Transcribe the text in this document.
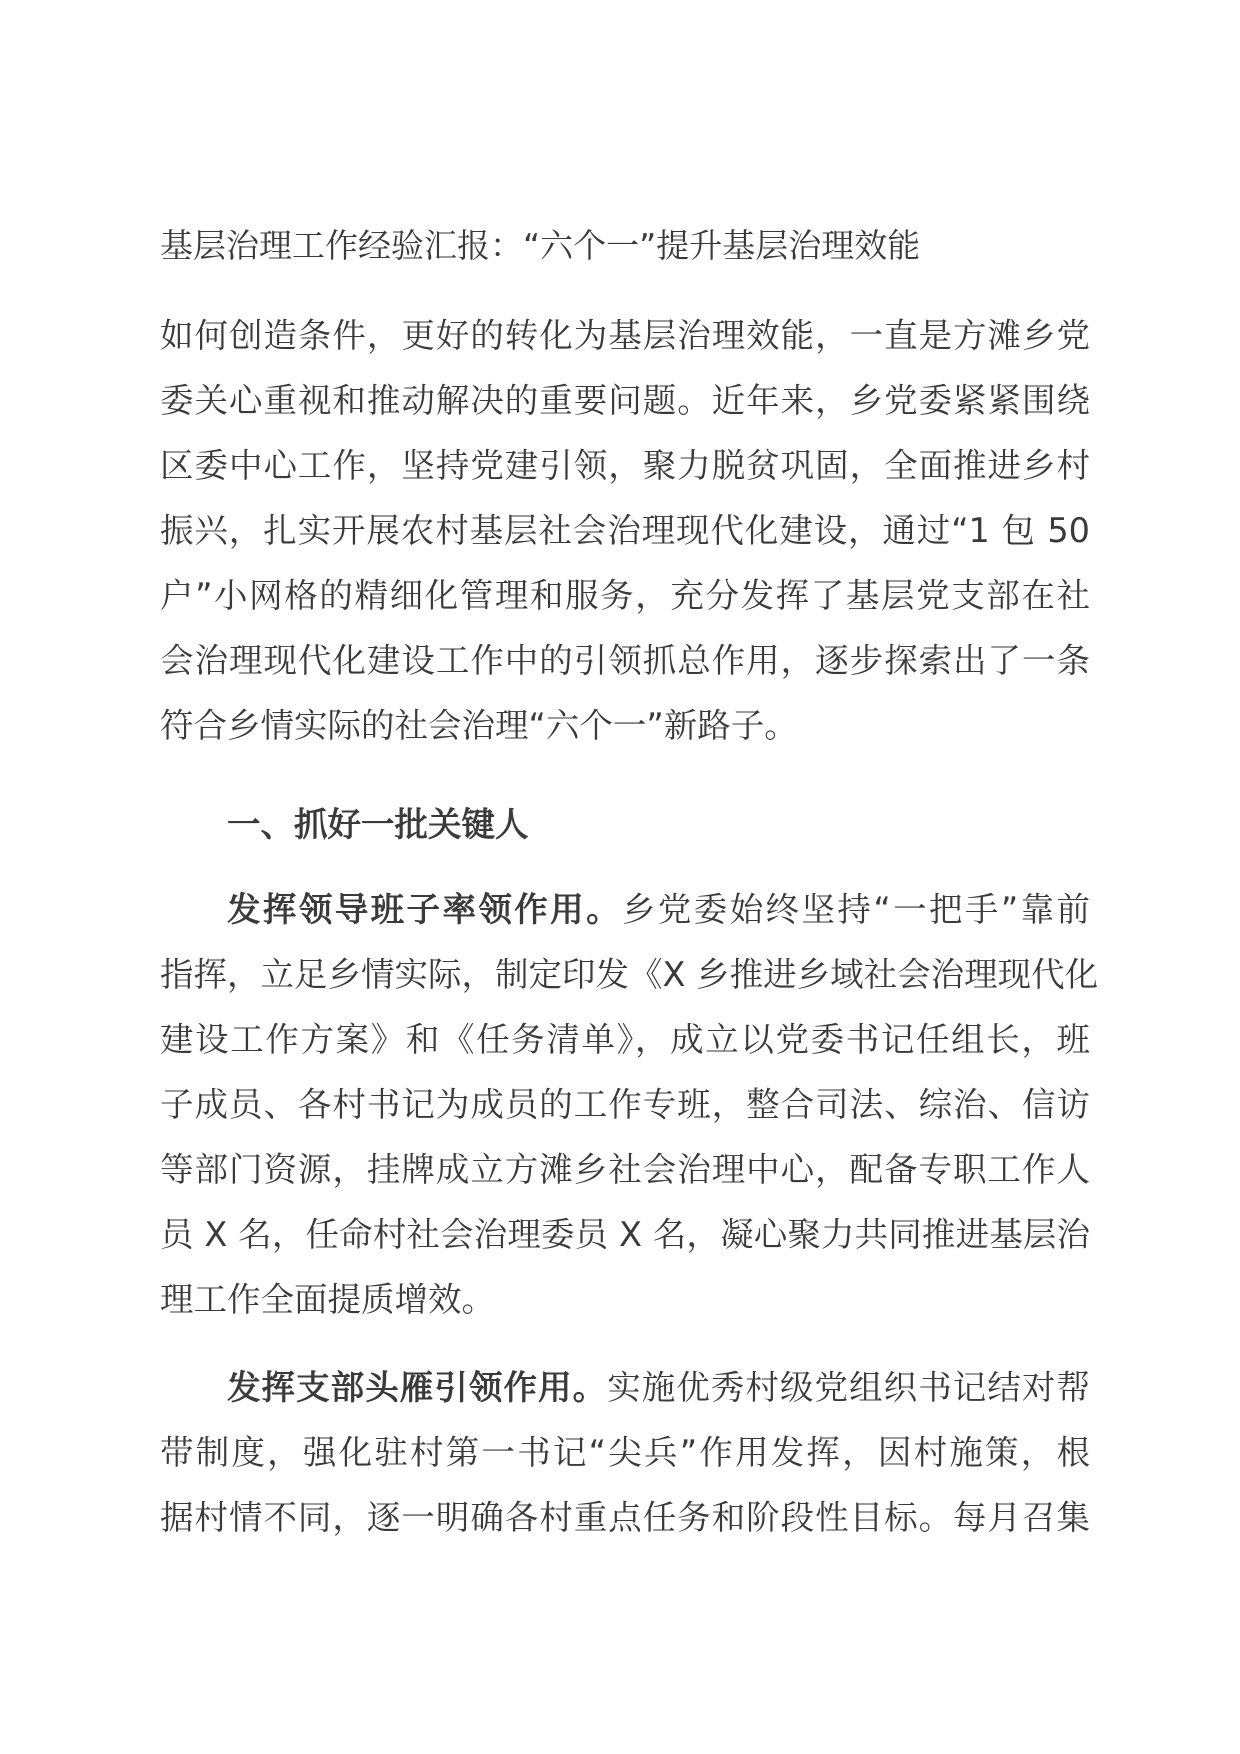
基层治理工作经验汇报：“六个一”提升基层治理效能

如何创造条件，更好的转化为基层治理效能，一直是方滩乡党
委关心重视和推动解决的重要问题。近年来，乡党委紧紧围绕
区委中心工作，坚持党建引领，聚力脱贫巩固，全面推进乡村
振兴，扎实开展农村基层社会治理现代化建设，通过“1 包 50
户”小网格的精细化管理和服务，充分发挥了基层党支部在社
会治理现代化建设工作中的引领抓总作用，逐步探索出了一条
符合乡情实际的社会治理“六个一”新路子。

一、抓好一批关键人

发挥领导班子率领作用。乡党委始终坚持“一把手”靠前
指挥，立足乡情实际，制定印发《X 乡推进乡域社会治理现代化
建设工作方案》和《任务清单》，成立以党委书记任组长，班
子成员、各村书记为成员的工作专班，整合司法、综治、信访
等部门资源，挂牌成立方滩乡社会治理中心，配备专职工作人
员 X 名，任命村社会治理委员 X 名，凝心聚力共同推进基层治
理工作全面提质增效。

发挥支部头雁引领作用。实施优秀村级党组织书记结对帮
带制度，强化驻村第一书记“尖兵”作用发挥，因村施策，根
据村情不同，逐一明确各村重点任务和阶段性目标。每月召集
